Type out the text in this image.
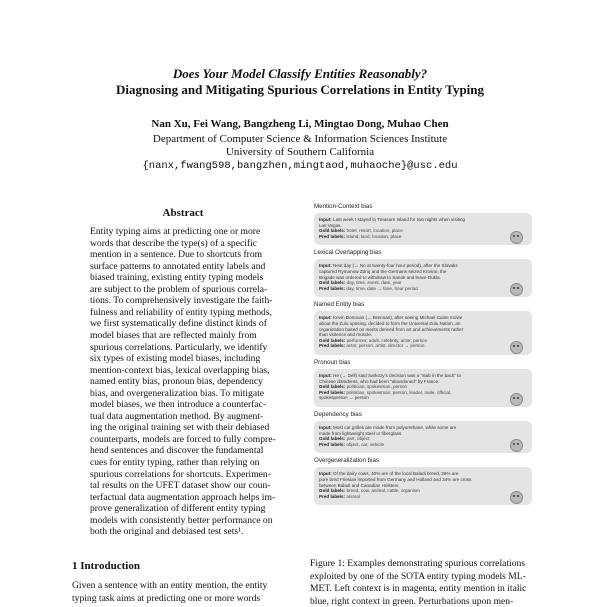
Does Your Model Classify Entities Reasonably?
Diagnosing and Mitigating Spurious Correlations in Entity Typing
Nan Xu, Fei Wang, Bangzheng Li, Mingtao Dong, Muhao Chen
Department of Computer Science & Information Sciences Institute
University of Southern California
{nanx,fwang598,bangzhen,mingtaod,muhaoche}@usc.edu
Abstract
Entity typing aims at predicting one or more
words that describe the type(s) of a specific
mention in a sentence. Due to shortcuts from
surface patterns to annotated entity labels and
biased training, existing entity typing models
are subject to the problem of spurious correla-
tions. To comprehensively investigate the faith-
fulness and reliability of entity typing methods,
we first systematically define distinct kinds of
model biases that are reflected mainly from
spurious correlations. Particularly, we identify
six types of existing model biases, including
mention-context bias, lexical overlapping bias,
named entity bias, pronoun bias, dependency
bias, and overgeneralization bias. To mitigate
model biases, we then introduce a counterfac-
tual data augmentation method. By augment-
ing the original training set with their debiased
counterparts, models are forced to fully compre-
hend sentences and discover the fundamental
cues for entity typing, rather than relying on
spurious correlations for shortcuts. Experimen-
tal results on the UFET dataset show our coun-
terfactual data augmentation approach helps im-
prove generalization of different entity typing
models with consistently better performance on
both the original and debiased test sets¹.
1 Introduction
Given a sentence with an entity mention, the entity
typing task aims at predicting one or more words
Mention-Context bias
Input: Last week I stayed in Treasure Island for two nights when visiting
Las Vegas.
Gold labels: hotel, resort, location, place
Pred labels: island, land, location, place
Lexical Overlapping bias
Input: Next day (→ No at twenty-four hour period), after the Slovaks
captured Rymanow Zdroj and the Germans seized Krosno, the
Brigade was ordered to withdraw to Sanok and leave Dukla.
Gold labels: day, time, event, date, year
Pred labels: day, time, date → time, hour period
Named Entity bias
Input: Kevin Donovan (→ Brennan), after seeing Michael Caine movie
about the Zulu uprising, decided to form the Universal Zulu Nation, an
organization based on merits derived from art and achievements rather
than violence and muscle.
Gold labels: performer, adult, celebrity, actor, person
Pred labels: actor, person, artist, director → person
Pronoun bias
Input: He (→ Dell) said Sarkozy's decision was a "stab in the back" to
Chinese dissidents, who had been "abandoned" by France.
Gold labels: politician, spokesman, person
Pred labels: politician, spokesman, person, leader, male, official,
spokesperson → person
Dependency bias
Input: Most car grilles are made from polyurethane, while some are
made from lightweight steel or fiberglass.
Gold labels: part, object
Pred labels: object, car, vehicle
Overgeneralization bias
Input: Of the dairy cows, 40% are of the local Baladi breed, 26% are
pure bred Friesian imported from Germany and Holland and 34% are cross
between Baladi and Canadian Holstein.
Gold labels: breed, cow, animal, cattle, organism
Pred labels: animal
Figure 1: Examples demonstrating spurious correlations
exploited by one of the SOTA entity typing models ML-
MET. Left context is in magenta, entity mention in italic
blue, right context in green. Perturbations upon men-
